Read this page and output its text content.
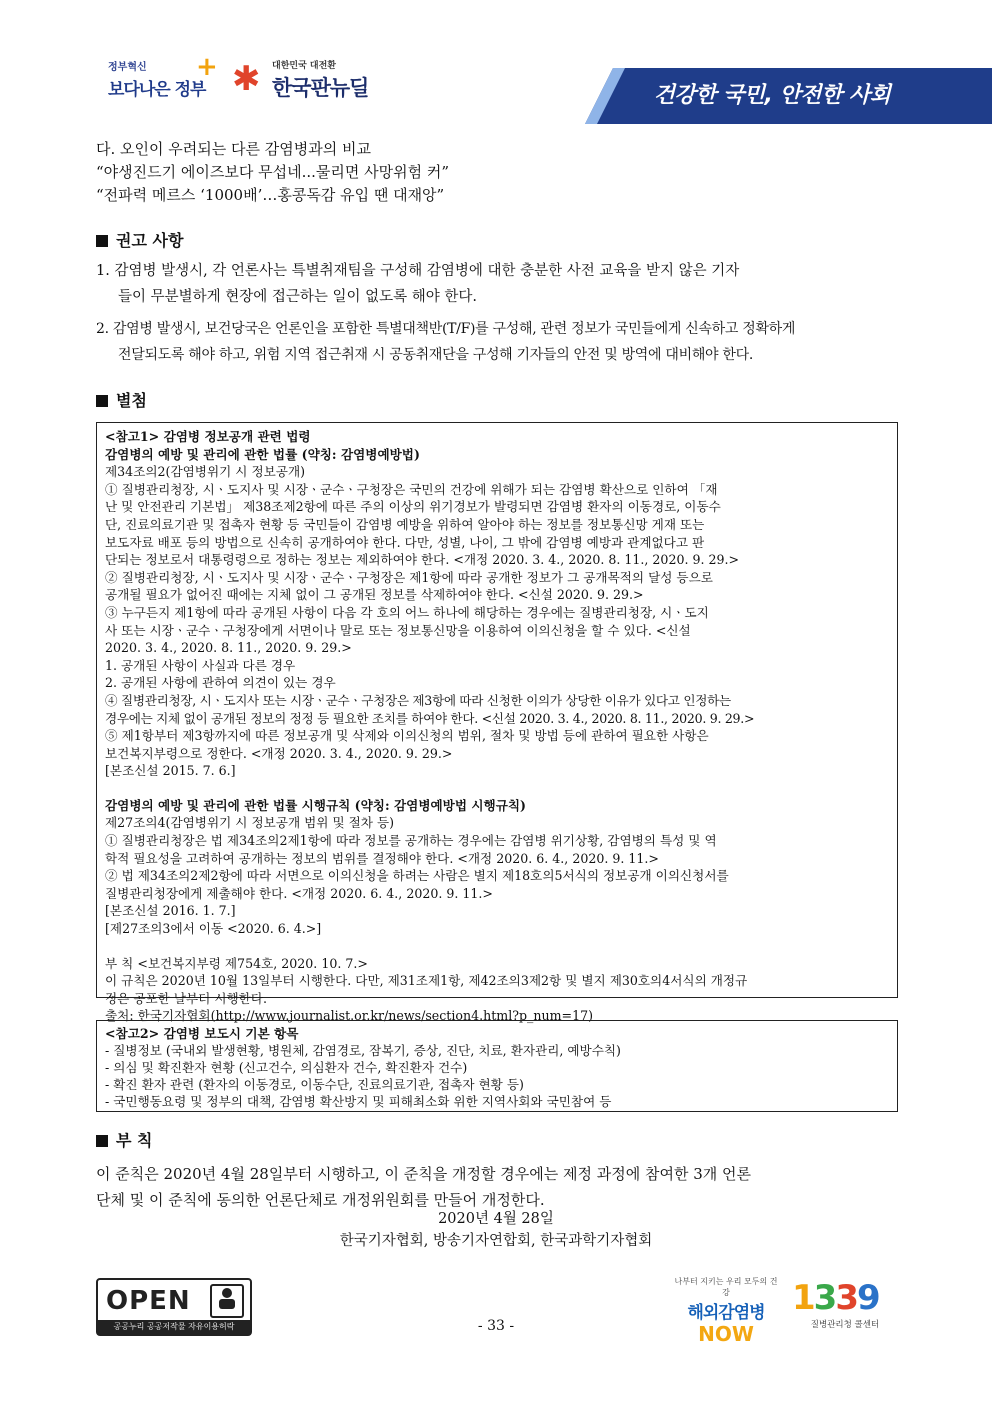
정부혁신
보다나은 정부
+ ✱ 대한민국 대전환
한국판뉴딜	건강한 국민, 안전한 사회

다. 오인이 우려되는 다른 감염병과의 비교

“야생진드기 에이즈보다 무섭네...물리면 사망위험 커”

“전파력 메르스 ‘1000배’…홍콩독감 유입 땐 대재앙”

권고 사항
1. 감염병 발생시, 각 언론사는 특별취재팀을 구성해 감염병에 대한 충분한 사전 교육을 받지 않은 기자
들이 무분별하게 현장에 접근하는 일이 없도록 해야 한다.
2. 감염병 발생시, 보건당국은 언론인을 포함한 특별대책반(T/F)를 구성해, 관련 정보가 국민들에게 신속하고 정확하게
전달되도록 해야 하고, 위험 지역 접근취재 시 공동취재단을 구성해 기자들의 안전 및 방역에 대비해야 한다.
별첨

<참고1> 감염병 정보공개 관련 법령

감염병의 예방 및 관리에 관한 법률 (약칭: 감염병예방법)

제34조의2(감염병위기 시 정보공개)

① 질병관리청장, 시ㆍ도지사 및 시장ㆍ군수ㆍ구청장은 국민의 건강에 위해가 되는 감염병 확산으로 인하여 「재

난 및 안전관리 기본법」 제38조제2항에 따른 주의 이상의 위기경보가 발령되면 감염병 환자의 이동경로, 이동수

단, 진료의료기관 및 접촉자 현황 등 국민들이 감염병 예방을 위하여 알아야 하는 정보를 정보통신망 게재 또는

보도자료 배포 등의 방법으로 신속히 공개하여야 한다. 다만, 성별, 나이, 그 밖에 감염병 예방과 관계없다고 판

단되는 정보로서 대통령령으로 정하는 정보는 제외하여야 한다. <개정 2020. 3. 4., 2020. 8. 11., 2020. 9. 29.>

② 질병관리청장, 시ㆍ도지사 및 시장ㆍ군수ㆍ구청장은 제1항에 따라 공개한 정보가 그 공개목적의 달성 등으로

공개될 필요가 없어진 때에는 지체 없이 그 공개된 정보를 삭제하여야 한다. <신설 2020. 9. 29.>

③ 누구든지 제1항에 따라 공개된 사항이 다음 각 호의 어느 하나에 해당하는 경우에는 질병관리청장, 시ㆍ도지

사 또는 시장ㆍ군수ㆍ구청장에게 서면이나 말로 또는 정보통신망을 이용하여 이의신청을 할 수 있다. <신설

2020. 3. 4., 2020. 8. 11., 2020. 9. 29.>

1. 공개된 사항이 사실과 다른 경우

2. 공개된 사항에 관하여 의견이 있는 경우

④ 질병관리청장, 시ㆍ도지사 또는 시장ㆍ군수ㆍ구청장은 제3항에 따라 신청한 이의가 상당한 이유가 있다고 인정하는

경우에는 지체 없이 공개된 정보의 정정 등 필요한 조치를 하여야 한다. <신설 2020. 3. 4., 2020. 8. 11., 2020. 9. 29.>

⑤ 제1항부터 제3항까지에 따른 정보공개 및 삭제와 이의신청의 범위, 절차 및 방법 등에 관하여 필요한 사항은

보건복지부령으로 정한다. <개정 2020. 3. 4., 2020. 9. 29.>

[본조신설 2015. 7. 6.]

감염병의 예방 및 관리에 관한 법률 시행규칙 (약칭: 감염병예방법 시행규칙)

제27조의4(감염병위기 시 정보공개 범위 및 절차 등)

① 질병관리청장은 법 제34조의2제1항에 따라 정보를 공개하는 경우에는 감염병 위기상황, 감염병의 특성 및 역

학적 필요성을 고려하여 공개하는 정보의 범위를 결정해야 한다. <개정 2020. 6. 4., 2020. 9. 11.>

② 법 제34조의2제2항에 따라 서면으로 이의신청을 하려는 사람은 별지 제18호의5서식의 정보공개 이의신청서를

질병관리청장에게 제출해야 한다. <개정 2020. 6. 4., 2020. 9. 11.>

[본조신설 2016. 1. 7.]

[제27조의3에서 이동 <2020. 6. 4.>]

부 칙 <보건복지부령 제754호, 2020. 10. 7.>

이 규칙은 2020년 10월 13일부터 시행한다. 다만, 제31조제1항, 제42조의3제2항 및 별지 제30호의4서식의 개정규

정은 공포한 날부터 시행한다.

출처: 한국기자협회(http://www.journalist.or.kr/news/section4.html?p_num=17)

<참고2> 감염병 보도시 기본 항목

- 질병정보 (국내외 발생현황, 병원체, 감염경로, 잠복기, 증상, 진단, 치료, 환자관리, 예방수칙)

- 의심 및 확진환자 현황 (신고건수, 의심환자 건수, 확진환자 건수)

- 확진 환자 관련 (환자의 이동경로, 이동수단, 진료의료기관, 접촉자 현황 등)

- 국민행동요령 및 정부의 대책, 감염병 확산방지 및 피해최소화 위한 지역사회와 국민참여 등

부 칙
이 준칙은 2020년 4월 28일부터 시행하고, 이 준칙을 개정할 경우에는 제정 과정에 참여한 3개 언론
단체 및 이 준칙에 동의한 언론단체로 개정위원회를 만들어 개정한다.
2020년 4월 28일
한국기자협회, 방송기자연합회, 한국과학기자협회
OPEN
공공누리 공공저작물 자유이용허락	- 33 -
나부터 지키는 우리 모두의 건강
해외감염병
NOW
1339
질병관리청 콜센터
